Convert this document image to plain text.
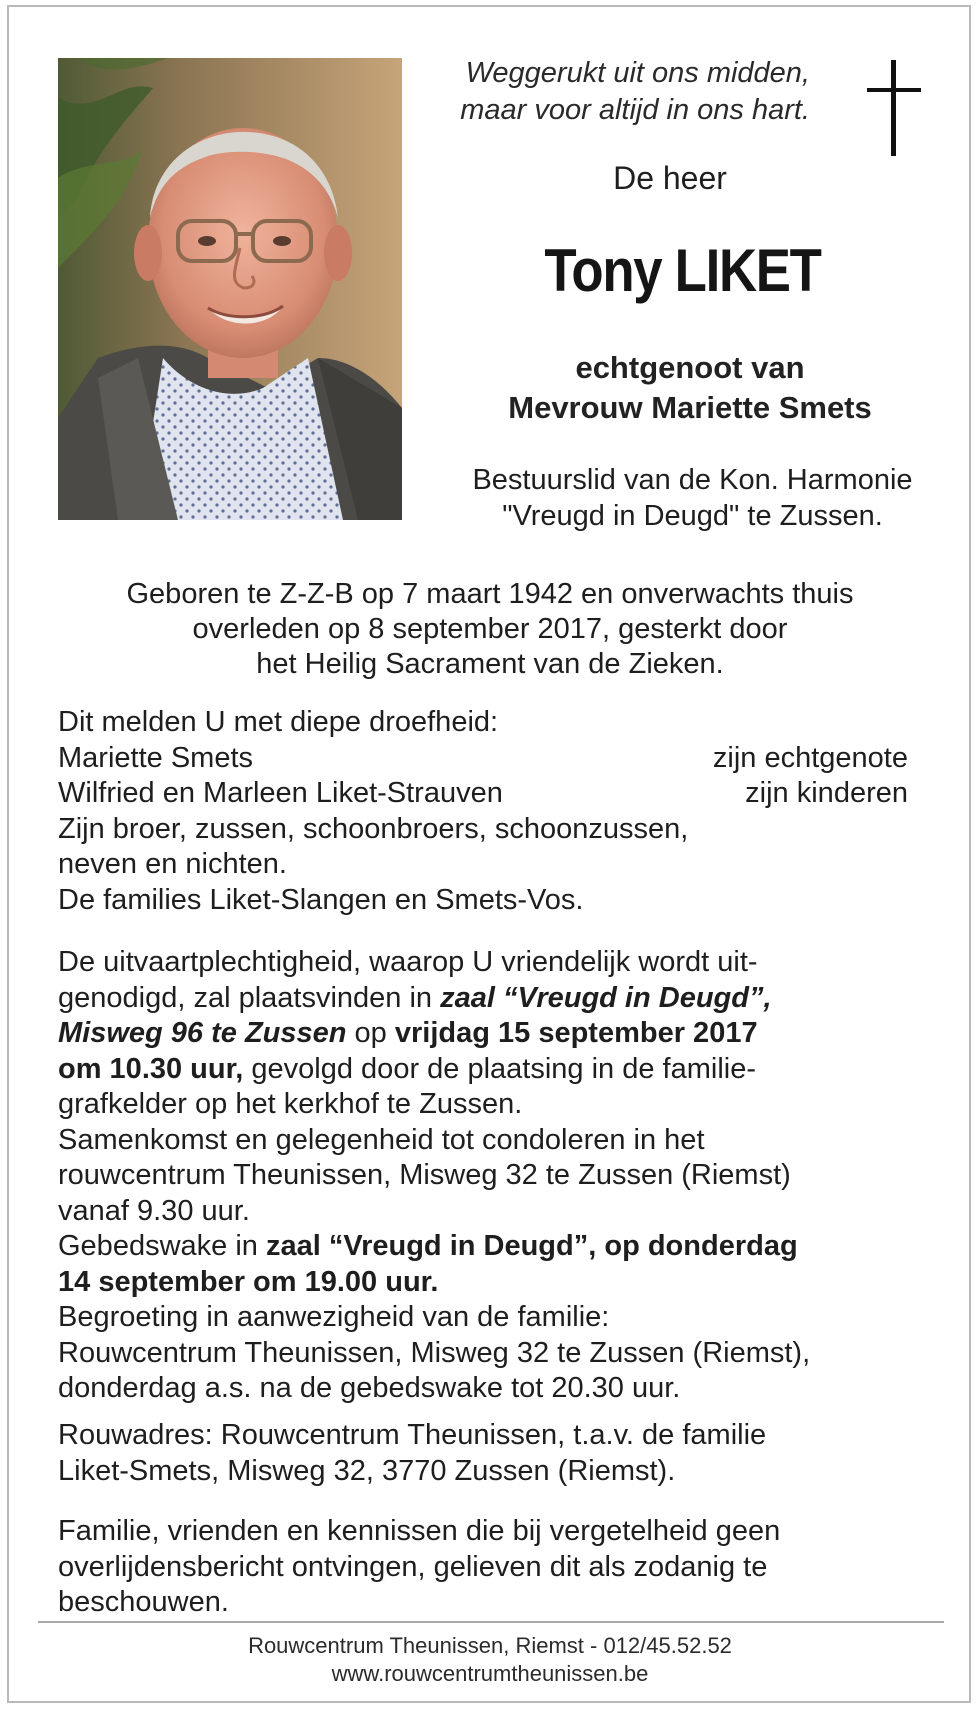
Weggerukt uit ons midden,
maar voor altijd in ons hart.
De heer
Tony LIKET
echtgenoot van
Mevrouw Mariette Smets
Bestuurslid van de Kon. Harmonie
"Vreugd in Deugd" te Zussen.
Geboren te Z-Z-B op 7 maart 1942 en onverwachts thuis
overleden op 8 september 2017, gesterkt door
het Heilig Sacrament van de Zieken.
Dit melden U met diepe droefheid:
Mariette Smets	zijn echtgenote
Wilfried en Marleen Liket-Strauven	zijn kinderen
Zijn broer, zussen, schoonbroers, schoonzussen,
neven en nichten.
De families Liket-Slangen en Smets-Vos.
De uitvaartplechtigheid, waarop U vriendelijk wordt uit-
genodigd, zal plaatsvinden in zaal “Vreugd in Deugd”,
Misweg 96 te Zussen op vrijdag 15 september 2017
om 10.30 uur, gevolgd door de plaatsing in de familie-
grafkelder op het kerkhof te Zussen.
Samenkomst en gelegenheid tot condoleren in het
rouwcentrum Theunissen, Misweg 32 te Zussen (Riemst)
vanaf 9.30 uur.
Gebedswake in zaal “Vreugd in Deugd”, op donderdag
14 september om 19.00 uur.
Begroeting in aanwezigheid van de familie:
Rouwcentrum Theunissen, Misweg 32 te Zussen (Riemst),
donderdag a.s. na de gebedswake tot 20.30 uur.
Rouwadres: Rouwcentrum Theunissen, t.a.v. de familie
Liket-Smets, Misweg 32, 3770 Zussen (Riemst).
Familie, vrienden en kennissen die bij vergetelheid geen
overlijdensbericht ontvingen, gelieven dit als zodanig te
beschouwen.
Rouwcentrum Theunissen, Riemst - 012/45.52.52
www.rouwcentrumtheunissen.be
